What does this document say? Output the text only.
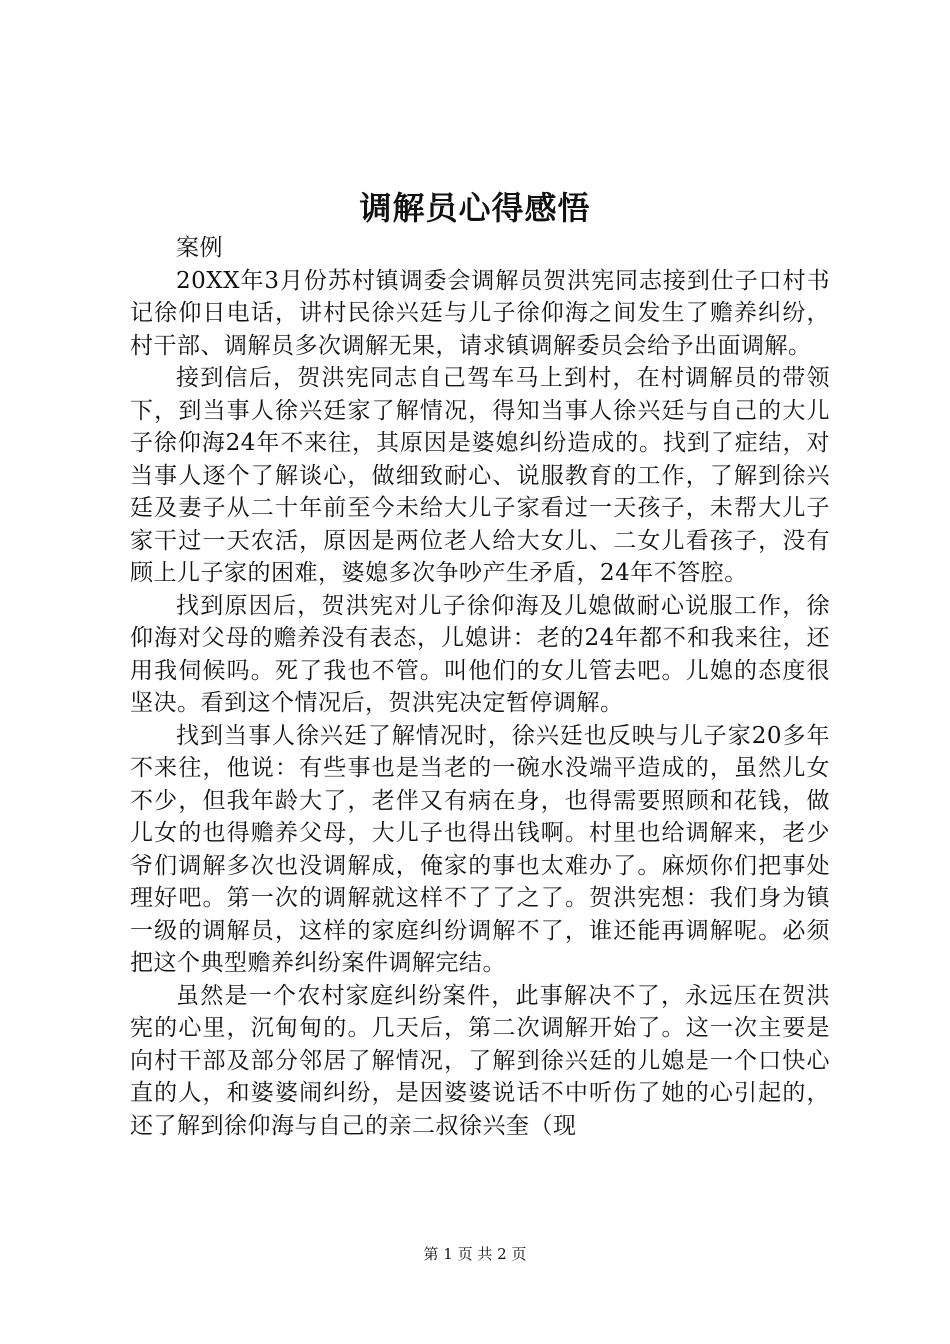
调解员心得感悟

案例

20XX年3月份苏村镇调委会调解员贺洪宪同志接到仕子口村书记徐仰日电话，讲村民徐兴廷与儿子徐仰海之间发生了赡养纠纷，村干部、调解员多次调解无果，请求镇调解委员会给予出面调解。

接到信后，贺洪宪同志自己驾车马上到村，在村调解员的带领下，到当事人徐兴廷家了解情况，得知当事人徐兴廷与自己的大儿子徐仰海24年不来往，其原因是婆媳纠纷造成的。找到了症结，对当事人逐个了解谈心，做细致耐心、说服教育的工作，了解到徐兴廷及妻子从二十年前至今未给大儿子家看过一天孩子，未帮大儿子家干过一天农活，原因是两位老人给大女儿、二女儿看孩子，没有顾上儿子家的困难，婆媳多次争吵产生矛盾，24年不答腔。

找到原因后，贺洪宪对儿子徐仰海及儿媳做耐心说服工作，徐仰海对父母的赡养没有表态，儿媳讲：老的24年都不和我来往，还用我伺候吗。死了我也不管。叫他们的女儿管去吧。儿媳的态度很坚决。看到这个情况后，贺洪宪决定暂停调解。

找到当事人徐兴廷了解情况时，徐兴廷也反映与儿子家20多年不来往，他说：有些事也是当老的一碗水没端平造成的，虽然儿女不少，但我年龄大了，老伴又有病在身，也得需要照顾和花钱，做儿女的也得赡养父母，大儿子也得出钱啊。村里也给调解来，老少爷们调解多次也没调解成，俺家的事也太难办了。麻烦你们把事处理好吧。第一次的调解就这样不了了之了。贺洪宪想：我们身为镇一级的调解员，这样的家庭纠纷调解不了，谁还能再调解呢。必须把这个典型赡养纠纷案件调解完结。

虽然是一个农村家庭纠纷案件，此事解决不了，永远压在贺洪宪的心里，沉甸甸的。几天后，第二次调解开始了。这一次主要是向村干部及部分邻居了解情况，了解到徐兴廷的儿媳是一个口快心直的人，和婆婆闹纠纷，是因婆婆说话不中听伤了她的心引起的，还了解到徐仰海与自己的亲二叔徐兴奎（现

第 1 页 共 2 页
